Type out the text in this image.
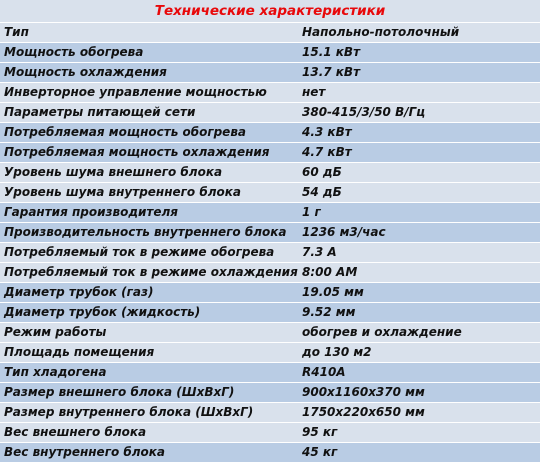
Технические характеристики
Тип	Напольно-потолочный
Мощность обогрева	15.1 кВт
Мощность охлаждения	13.7 кВт
Инверторное управление мощностью	нет
Параметры питающей сети	380-415/3/50 В/Гц
Потребляемая мощность обогрева	4.3 кВт
Потребляемая мощность охлаждения	4.7 кВт
Уровень шума внешнего блока	60 дБ
Уровень шума внутреннего блока	54 дБ
Гарантия производителя	1 г
Производительность внутреннего блока	1236 м3/час
Потребляемый ток в режиме обогрева	7.3 А
Потребляемый ток в режиме охлаждения 8:00 AM
Диаметр трубок (газ)	19.05 мм
Диаметр трубок (жидкость)	9.52 мм
Режим работы	обогрев и охлаждение
Площадь помещения	до 130 м2
Тип хладогена	R410A
Размер внешнего блока (ШхВхГ)	900х1160х370 мм
Размер внутреннего блока (ШхВхГ)	1750х220х650 мм
Вес внешнего блока	95 кг
Вес внутреннего блока	45 кг
